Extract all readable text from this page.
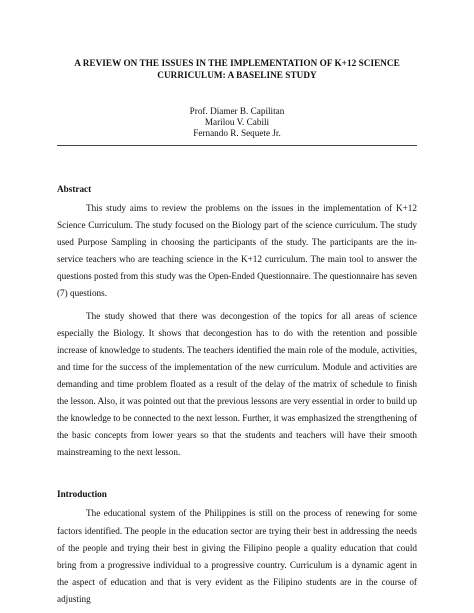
A REVIEW ON THE ISSUES IN THE IMPLEMENTATION OF K+12 SCIENCE CURRICULUM: A BASELINE STUDY
Prof. Diamer B. Capilitan
Marilou V. Cabili
Fernando R. Sequete Jr.
Abstract

This study aims to review the problems on the issues in the implementation of K+12 Science Curriculum. The study focused on the Biology part of the science curriculum. The study used Purpose Sampling in choosing the participants of the study. The participants are the in-service teachers who are teaching science in the K+12 curriculum. The main tool to answer the questions posted from this study was the Open-Ended Questionnaire. The questionnaire has seven (7) questions.

The study showed that there was decongestion of the topics for all areas of science especially the Biology. It shows that decongestion has to do with the retention and possible increase of knowledge to students. The teachers identified the main role of the module, activities, and time for the success of the implementation of the new curriculum. Module and activities are demanding and time problem floated as a result of the delay of the matrix of schedule to finish the lesson. Also, it was pointed out that the previous lessons are very essential in order to build up the knowledge to be connected to the next lesson. Further, it was emphasized the strengthening of the basic concepts from lower years so that the students and teachers will have their smooth mainstreaming to the next lesson.

Introduction

The educational system of the Philippines is still on the process of renewing for some factors identified. The people in the education sector are trying their best in addressing the needs of the people and trying their best in giving the Filipino people a quality education that could bring from a progressive individual to a progressive country. Curriculum is a dynamic agent in the aspect of education and that is very evident as the Filipino students are in the course of adjusting
